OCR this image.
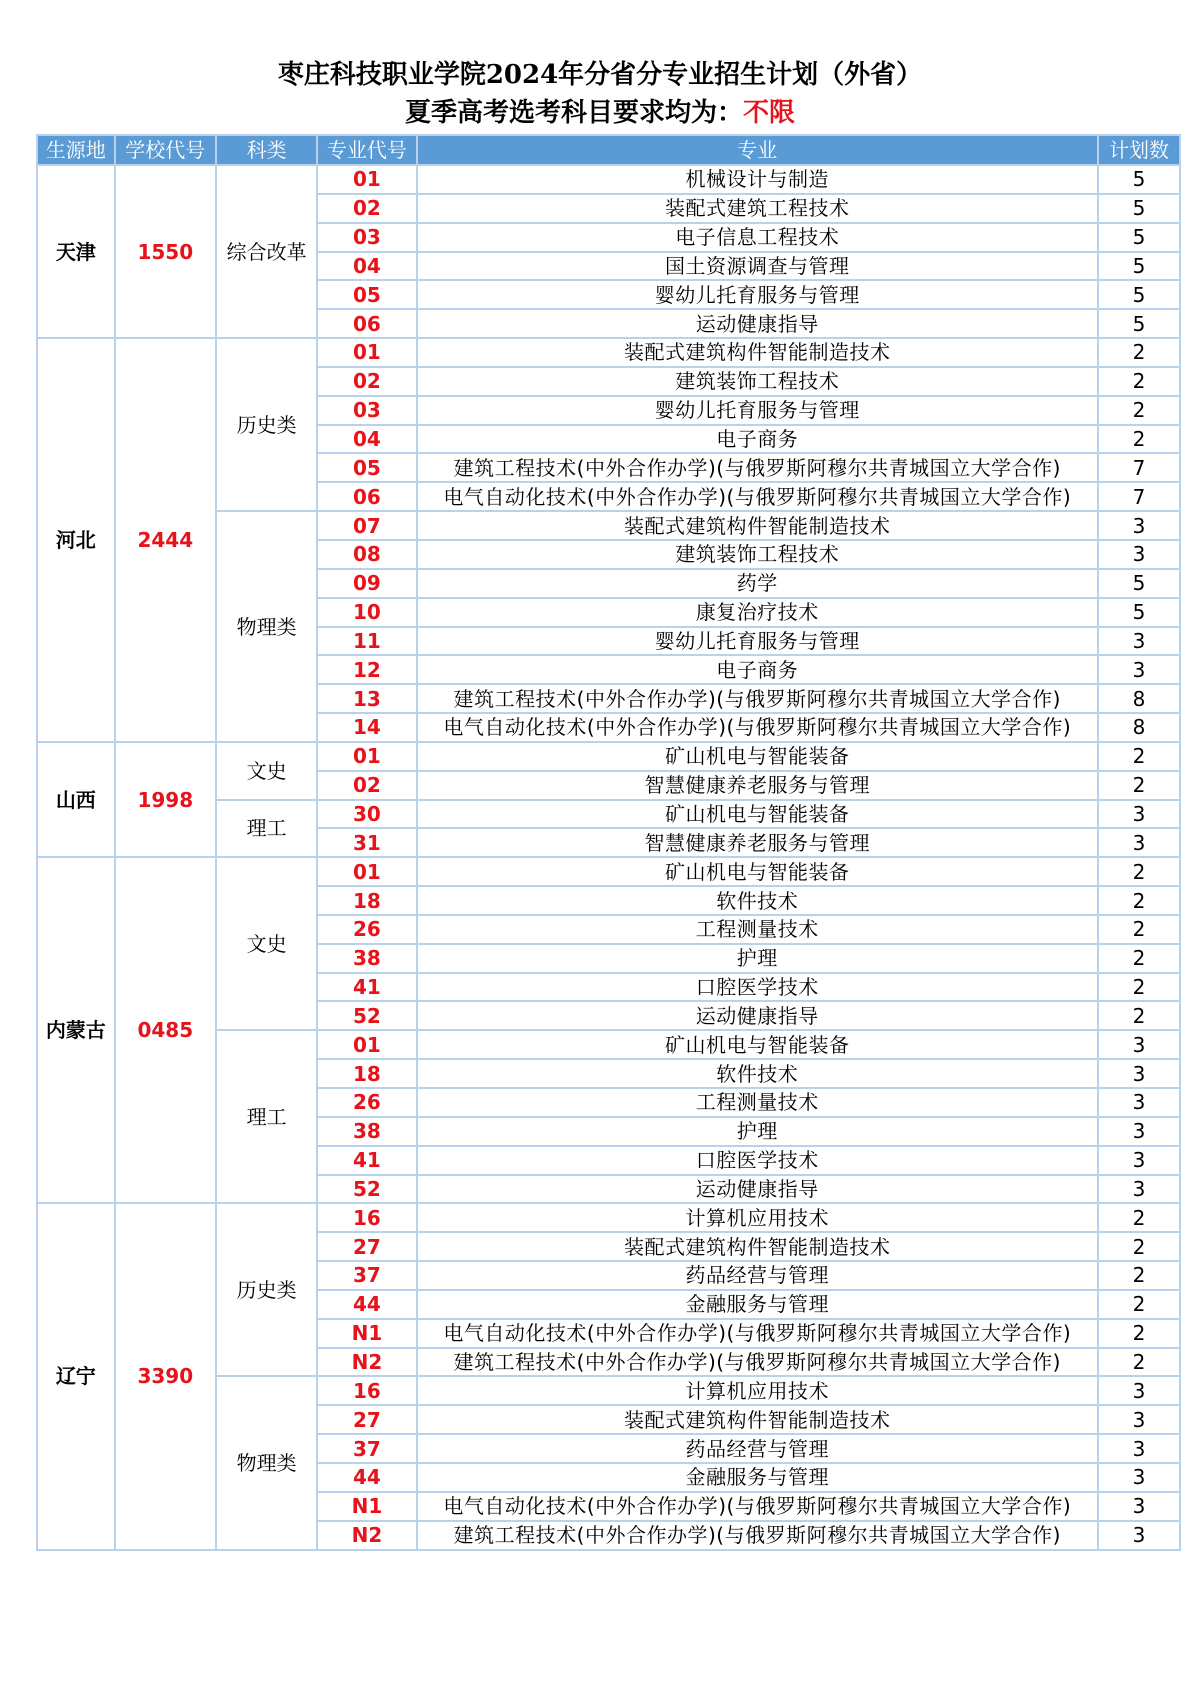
枣庄科技职业学院2024年分省分专业招生计划（外省）
夏季高考选考科目要求均为：不限
生源地	学校代号	科类	专业代号	专业	计划数
天津	1550	综合改革	01	机械设计与制造	5
			02	装配式建筑工程技术	5
			03	电子信息工程技术	5
			04	国土资源调查与管理	5
			05	婴幼儿托育服务与管理	5
			06	运动健康指导	5
河北	2444	历史类	01	装配式建筑构件智能制造技术	2
			02	建筑装饰工程技术	2
			03	婴幼儿托育服务与管理	2
			04	电子商务	2
			05	建筑工程技术(中外合作办学)(与俄罗斯阿穆尔共青城国立大学合作)	7
			06	电气自动化技术(中外合作办学)(与俄罗斯阿穆尔共青城国立大学合作)	7
		物理类	07	装配式建筑构件智能制造技术	3
			08	建筑装饰工程技术	3
			09	药学	5
			10	康复治疗技术	5
			11	婴幼儿托育服务与管理	3
			12	电子商务	3
			13	建筑工程技术(中外合作办学)(与俄罗斯阿穆尔共青城国立大学合作)	8
			14	电气自动化技术(中外合作办学)(与俄罗斯阿穆尔共青城国立大学合作)	8
山西	1998	文史	01	矿山机电与智能装备	2
			02	智慧健康养老服务与管理	2
		理工	30	矿山机电与智能装备	3
			31	智慧健康养老服务与管理	3
内蒙古	0485	文史	01	矿山机电与智能装备	2
			18	软件技术	2
			26	工程测量技术	2
			38	护理	2
			41	口腔医学技术	2
			52	运动健康指导	2
		理工	01	矿山机电与智能装备	3
			18	软件技术	3
			26	工程测量技术	3
			38	护理	3
			41	口腔医学技术	3
			52	运动健康指导	3
辽宁	3390	历史类	16	计算机应用技术	2
			27	装配式建筑构件智能制造技术	2
			37	药品经营与管理	2
			44	金融服务与管理	2
			N1	电气自动化技术(中外合作办学)(与俄罗斯阿穆尔共青城国立大学合作)	2
			N2	建筑工程技术(中外合作办学)(与俄罗斯阿穆尔共青城国立大学合作)	2
		物理类	16	计算机应用技术	3
			27	装配式建筑构件智能制造技术	3
			37	药品经营与管理	3
			44	金融服务与管理	3
			N1	电气自动化技术(中外合作办学)(与俄罗斯阿穆尔共青城国立大学合作)	3
			N2	建筑工程技术(中外合作办学)(与俄罗斯阿穆尔共青城国立大学合作)	3
